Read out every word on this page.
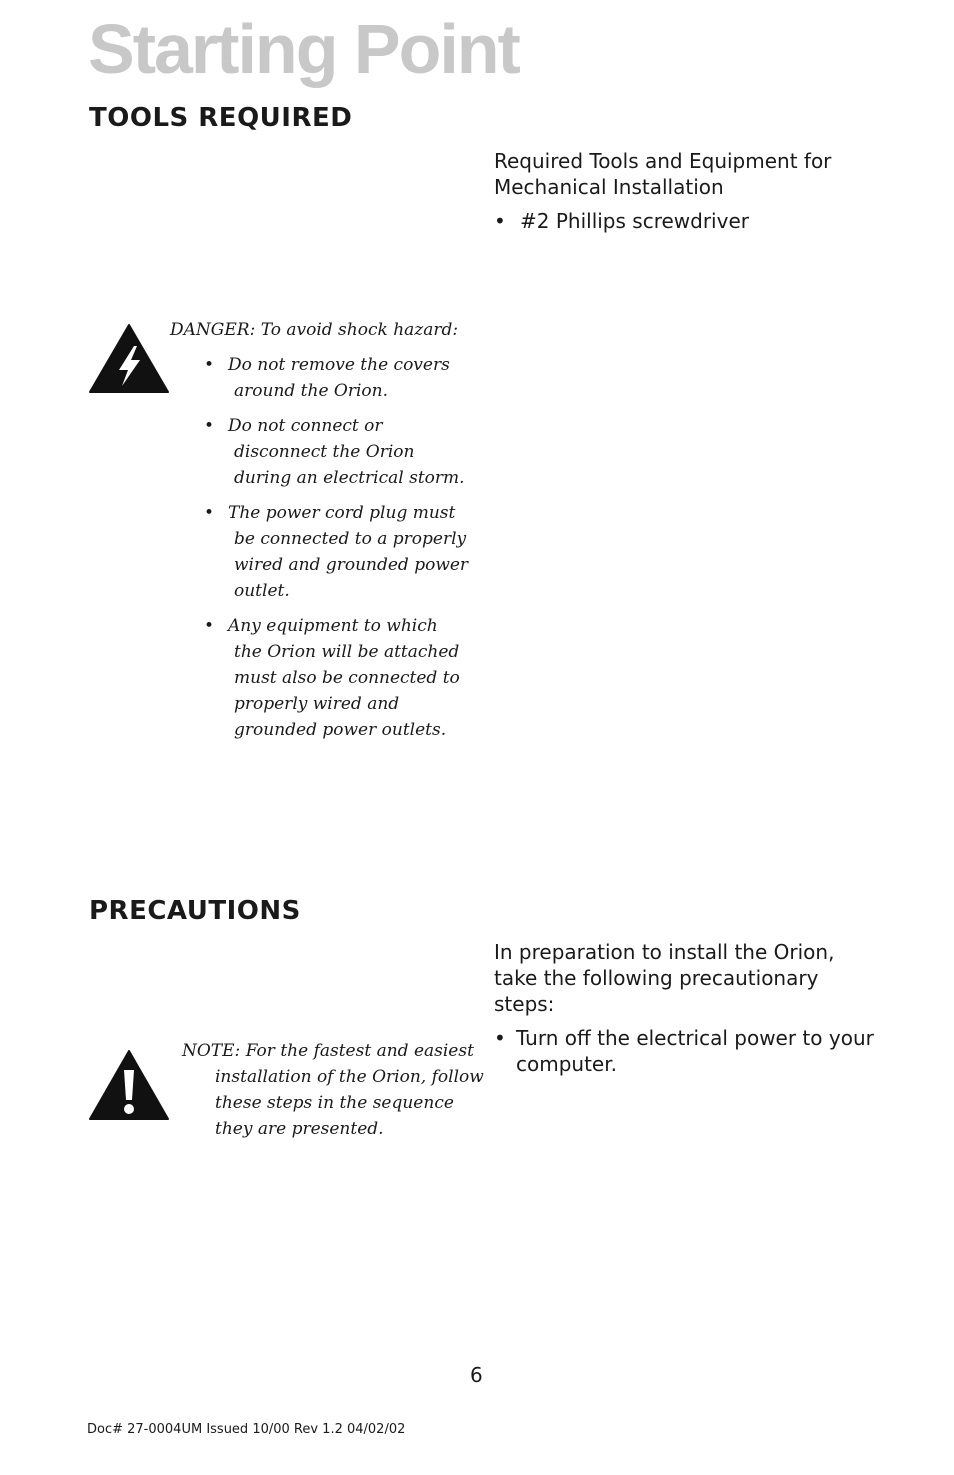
Starting Point
TOOLS REQUIRED

Required Tools and Equipment for Mechanical Installation

• #2 Phillips screwdriver

DANGER: To avoid shock hazard:

• Do not remove the covers around the Orion.
• Do not connect or disconnect the Orion during an electrical storm.
• The power cord plug must be connected to a properly wired and grounded power outlet.
• Any equipment to which the Orion will be attached must also be connected to properly wired and grounded power outlets.
PRECAUTIONS

In preparation to install the Orion, take the following precautionary steps:

• Turn off the electrical power to your computer.

NOTE: For the fastest and easiest installation of the Orion, follow these steps in the sequence they are presented.

6
Doc# 27-0004UM Issued 10/00 Rev 1.2 04/02/02
